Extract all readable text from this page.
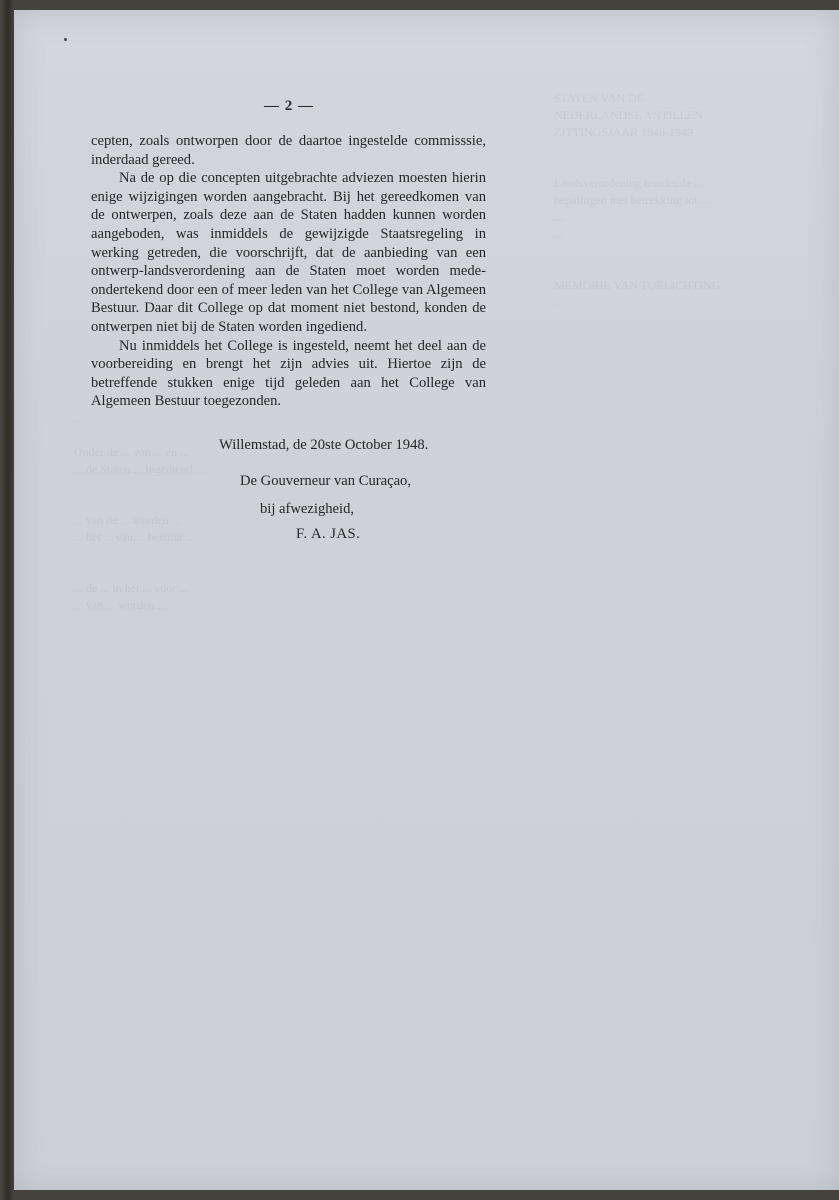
STATEN VAN DE
NEDERLANDSE ANTILLEN
ZITTINGSJAAR 1948-1949

Landsverordening houdende ...
bepalingen met betrekking tot ...
...
...

MEMORIE VAN TOELICHTING
...
...

Onder de ... van ... en ...
... de Staten ... ingediend ...

... van de ... worden ...
... het ... van ... bestuur ...

... de ... in het ... voor ...
... van ... worden ...

— 2 —

cepten, zoals ontworpen door de daartoe ingestelde commisssie, inderdaad gereed.

Na de op die concepten uitgebrachte adviezen moesten hierin enige wijzigingen worden aangebracht. Bij het gereedkomen van de ontwerpen, zoals deze aan de Staten hadden kunnen worden aangeboden, was inmiddels de gewijzigde Staatsregeling in werking getreden, die voorschrijft, dat de aanbieding van een ontwerp-landsverordening aan de Staten moet worden mede-ondertekend door een of meer leden van het College van Algemeen Bestuur. Daar dit College op dat moment niet bestond, konden de ontwerpen niet bij de Staten worden ingediend.

Nu inmiddels het College is ingesteld, neemt het deel aan de voorbereiding en brengt het zijn advies uit. Hiertoe zijn de betreffende stukken enige tijd geleden aan het College van Algemeen Bestuur toegezonden.

Willemstad, de 20ste October 1948.
De Gouverneur van Curaçao,
bij afwezigheid,
F. A. JAS.
